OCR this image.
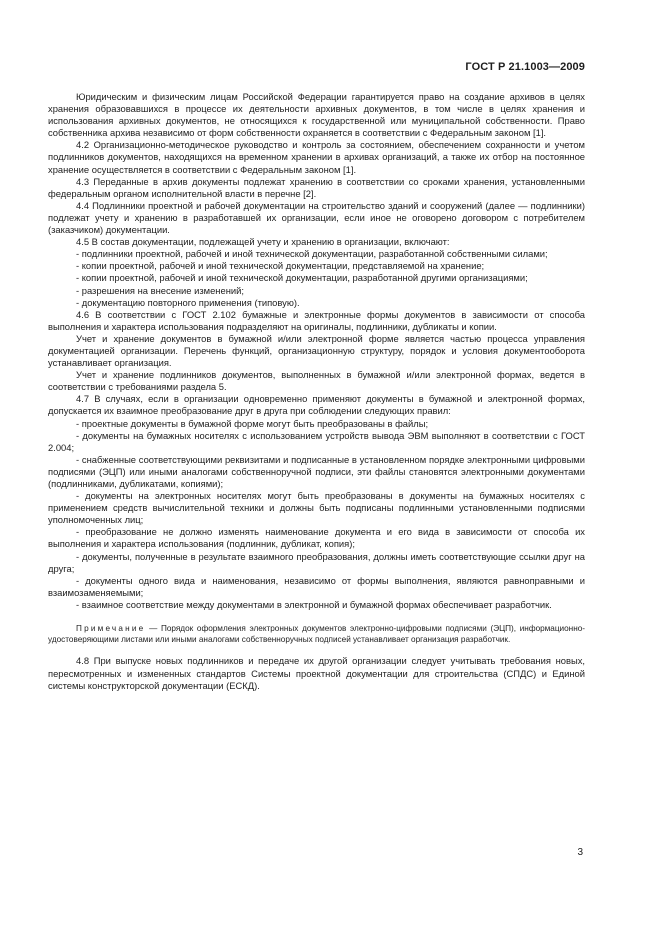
ГОСТ Р 21.1003—2009

Юридическим и физическим лицам Российской Федерации гарантируется право на создание архивов в целях хранения образовавшихся в процессе их деятельности архивных документов, в том числе в целях хранения и использования архивных документов, не относящихся к государственной или муниципальной собственности. Право собственника архива независимо от форм собственности охраняется в соответствии с Федеральным законом [1].

4.2 Организационно-методическое руководство и контроль за состоянием, обеспечением сохранности и учетом подлинников документов, находящихся на временном хранении в архивах организаций, а также их отбор на постоянное хранение осуществляется в соответствии с Федеральным законом [1].

4.3 Переданные в архив документы подлежат хранению в соответствии со сроками хранения, установленными федеральным органом исполнительной власти в перечне [2].

4.4 Подлинники проектной и рабочей документации на строительство зданий и сооружений (далее — подлинники) подлежат учету и хранению в разработавшей их организации, если иное не оговорено договором с потребителем (заказчиком) документации.

4.5 В состав документации, подлежащей учету и хранению в организации, включают:

- подлинники проектной, рабочей и иной технической документации, разработанной собственными силами;

- копии проектной, рабочей и иной технической документации, представляемой на хранение;

- копии проектной, рабочей и иной технической документации, разработанной другими организациями;

- разрешения на внесение изменений;

- документацию повторного применения (типовую).

4.6 В соответствии с ГОСТ 2.102 бумажные и электронные формы документов в зависимости от способа выполнения и характера использования подразделяют на оригиналы, подлинники, дубликаты и копии.

Учет и хранение документов в бумажной и/или электронной форме является частью процесса управления документацией организации. Перечень функций, организационную структуру, порядок и условия документооборота устанавливает организация.

Учет и хранение подлинников документов, выполненных в бумажной и/или электронной формах, ведется в соответствии с требованиями раздела 5.

4.7 В случаях, если в организации одновременно применяют документы в бумажной и электронной формах, допускается их взаимное преобразование друг в друга при соблюдении следующих правил:

- проектные документы в бумажной форме могут быть преобразованы в файлы;

- документы на бумажных носителях с использованием устройств вывода ЭВМ выполняют в соответствии с ГОСТ 2.004;

- снабженные соответствующими реквизитами и подписанные в установленном порядке электронными цифровыми подписями (ЭЦП) или иными аналогами собственноручной подписи, эти файлы становятся электронными документами (подлинниками, дубликатами, копиями);

- документы на электронных носителях могут быть преобразованы в документы на бумажных носителях с применением средств вычислительной техники и должны быть подписаны подлинными установленными подписями уполномоченных лиц;

- преобразование не должно изменять наименование документа и его вида в зависимости от способа их выполнения и характера использования (подлинник, дубликат, копия);

- документы, полученные в результате взаимного преобразования, должны иметь соответствующие ссылки друг на друга;

- документы одного вида и наименования, независимо от формы выполнения, являются равноправными и взаимозаменяемыми;

- взаимное соответствие между документами в электронной и бумажной формах обеспечивает разработчик.

Примечание — Порядок оформления электронных документов электронно-цифровыми подписями (ЭЦП), информационно-удостоверяющими листами или иными аналогами собственноручных подписей устанавливает организация разработчик.

4.8 При выпуске новых подлинников и передаче их другой организации следует учитывать требования новых, пересмотренных и измененных стандартов Системы проектной документации для строительства (СПДС) и Единой системы конструкторской документации (ЕСКД).

3
